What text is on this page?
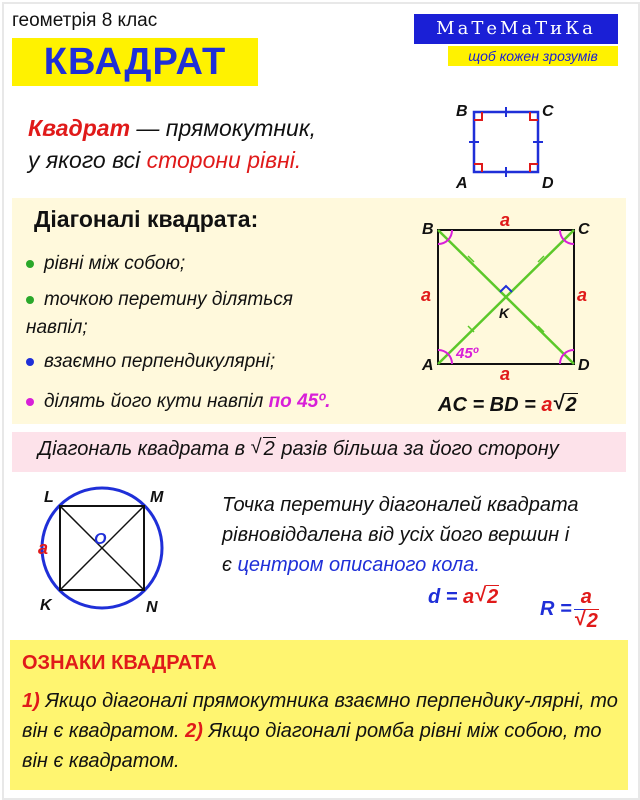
геометрія 8 клас
КВАДРАТ
МаТеМаТиКа
щоб кожен зрозумів
Квадрат — прямокутник,
у якого всі сторони рівні.
B	C
A	D
Діагоналі квадрата:
рівні між собою;
точкою перетину діляться
навпіл;
взаємно перпендикулярні;
ділять його кути навпіл по 45º.
B	C
A	D
K
a
a
a	a
45º
AC = BD = a √ 2
Діагональ квадрата в √ 2 разів більша за його сторону
L	M
K	N
O
a
Точка перетину діагоналей квадрата
рівновіддалена від усіх його вершин і
є центром описаного кола.
d = a √ 2
$R = \frac{a}{√ 2}$
ОЗНАКИ КВАДРАТА
1) Якщо діагоналі прямокутника взаємно перпендику-лярні, то він є квадратом. 2) Якщо діагоналі ромба рівні між собою, то він є квадратом.
